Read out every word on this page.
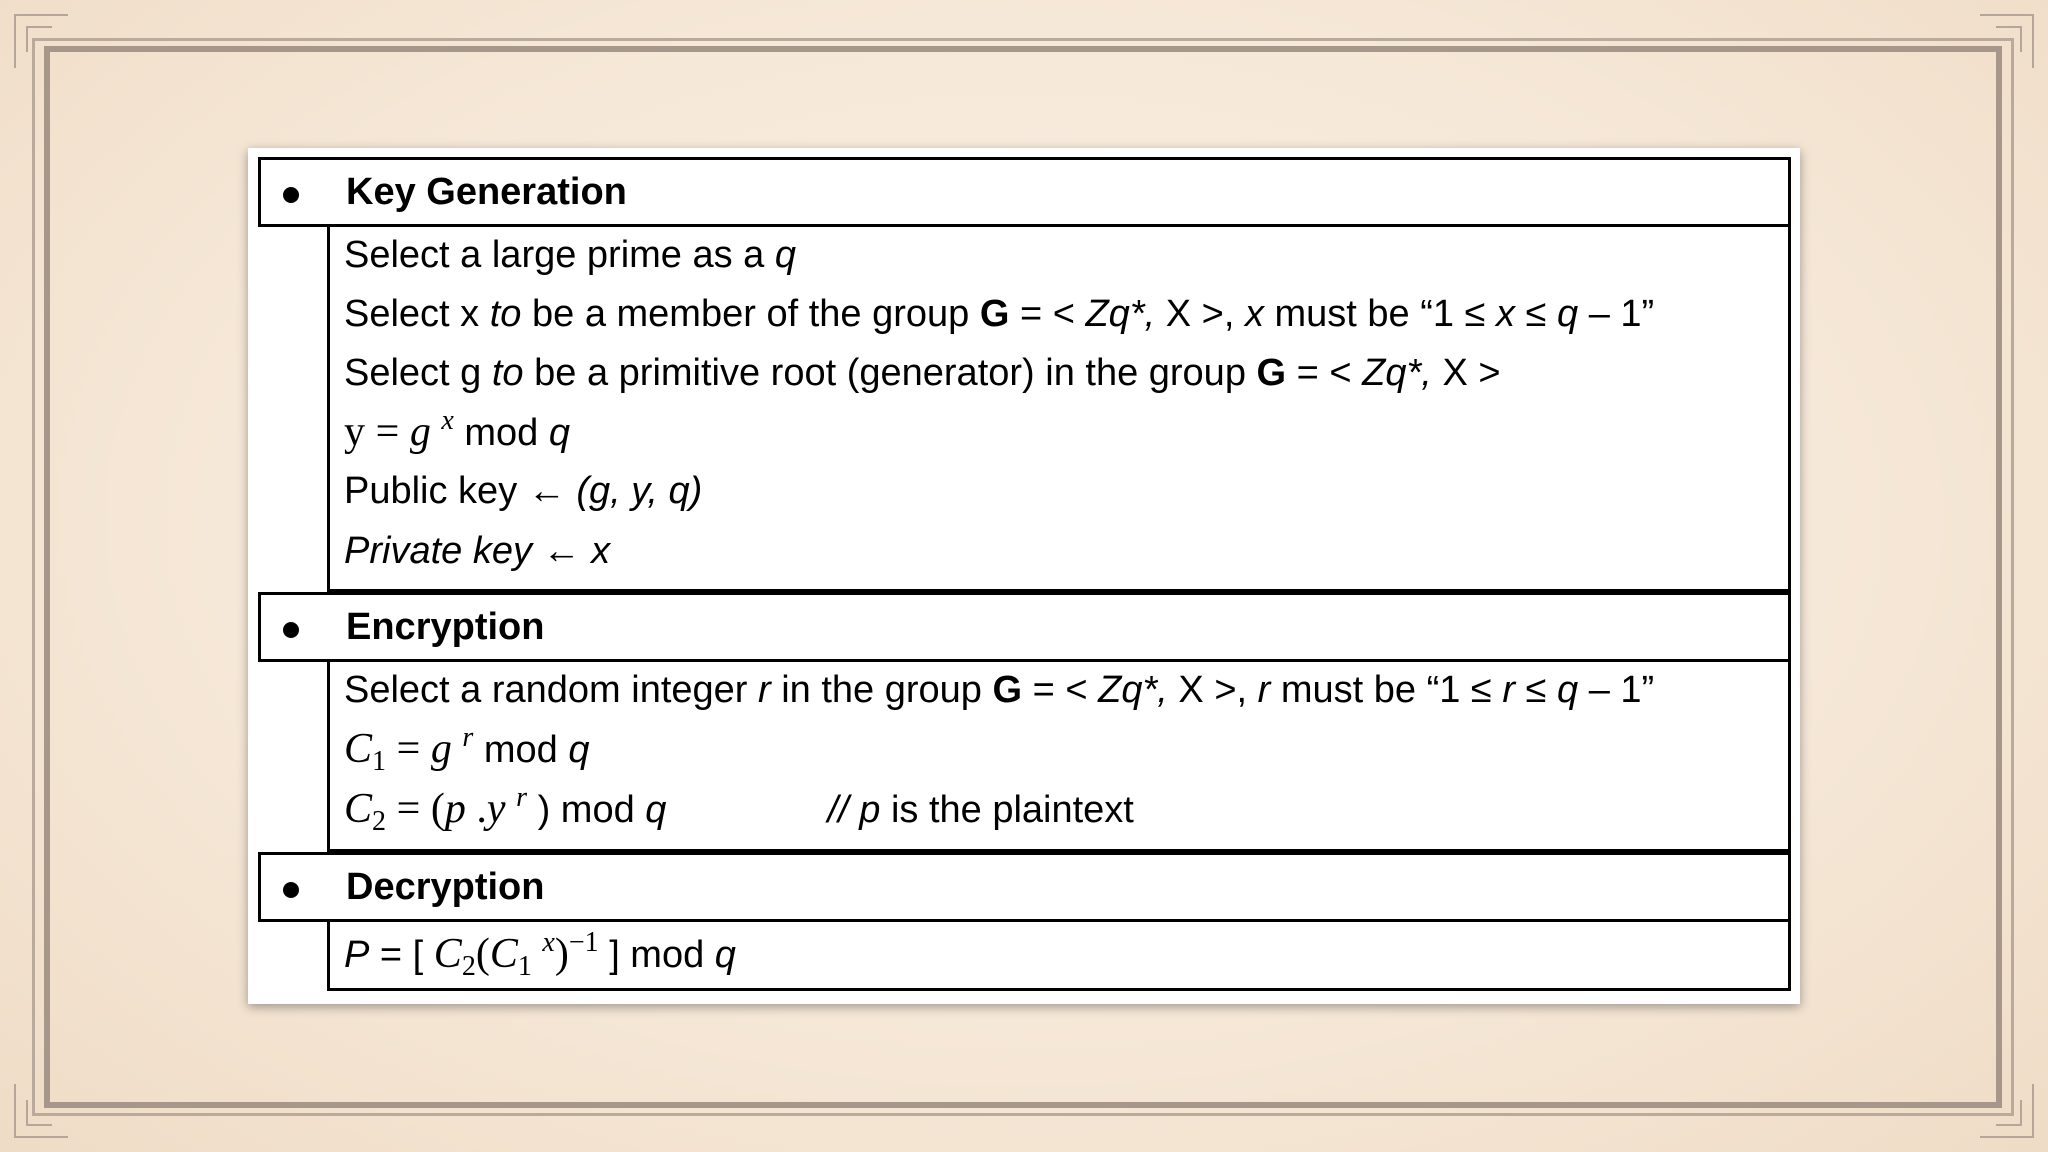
Key Generation
Select a large prime as a q
Select x to be a member of the group G = < Zq*, X >, x must be “1 ≤ x ≤ q – 1”
Select g to be a primitive root (generator) in the group G = < Zq*, X >
y = g $^x$ mod q
Public key ← (g, y, q)
Private key ← x
Encryption
Select a random integer r in the group G = < Zq*, X >, r must be “1 ≤ r ≤ q – 1”
$C_1 = g$ $^r$ mod q
$C_2 = (p$ .y $^r$ ) mod q	// p is the plaintext
Decryption
P = [ $C_2(C_1$ $^x$)$^{-1}$ ] mod q
